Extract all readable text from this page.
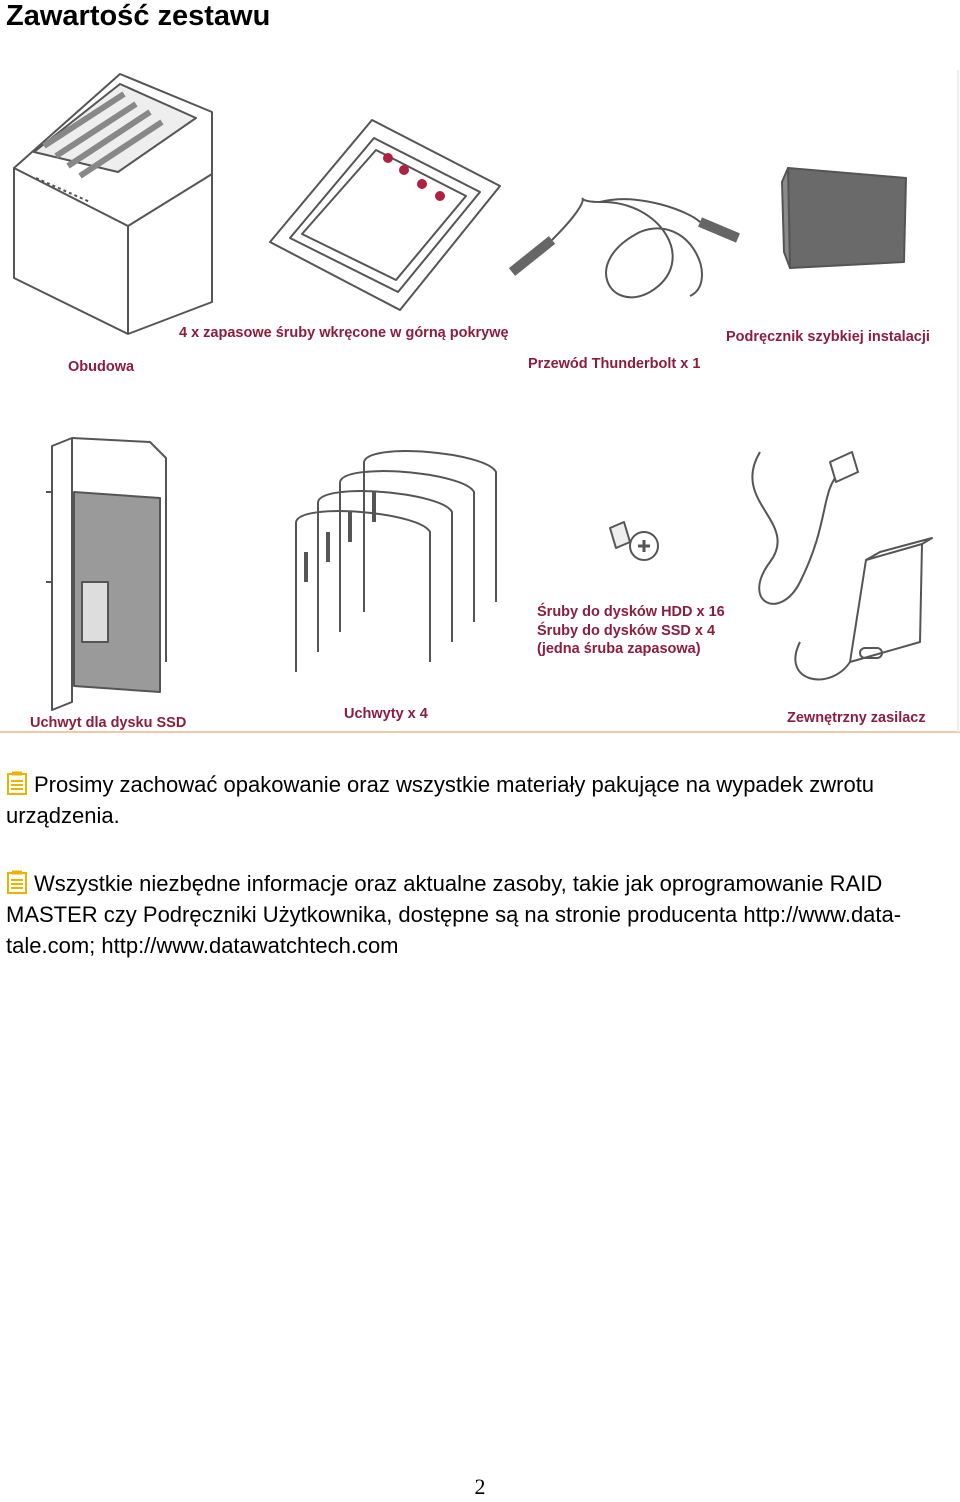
Zawartość zestawu
Obudowa
4 x zapasowe śruby wkręcone w górną pokrywę
Przewód Thunderbolt x 1
Podręcznik szybkiej instalacji
Uchwyt dla dysku SSD
Uchwyty x 4
Śruby do dysków HDD x 16
Śruby do dysków SSD x 4
(jedna śruba zapasowa)
Zewnętrzny zasilacz
Prosimy zachować opakowanie oraz wszystkie materiały pakujące na wypadek zwrotu urządzenia.
Wszystkie niezbędne informacje oraz aktualne zasoby, takie jak oprogramowanie RAID MASTER czy Podręczniki Użytkownika, dostępne są na stronie producenta http://www.data-tale.com; http://www.datawatchtech.com
2
